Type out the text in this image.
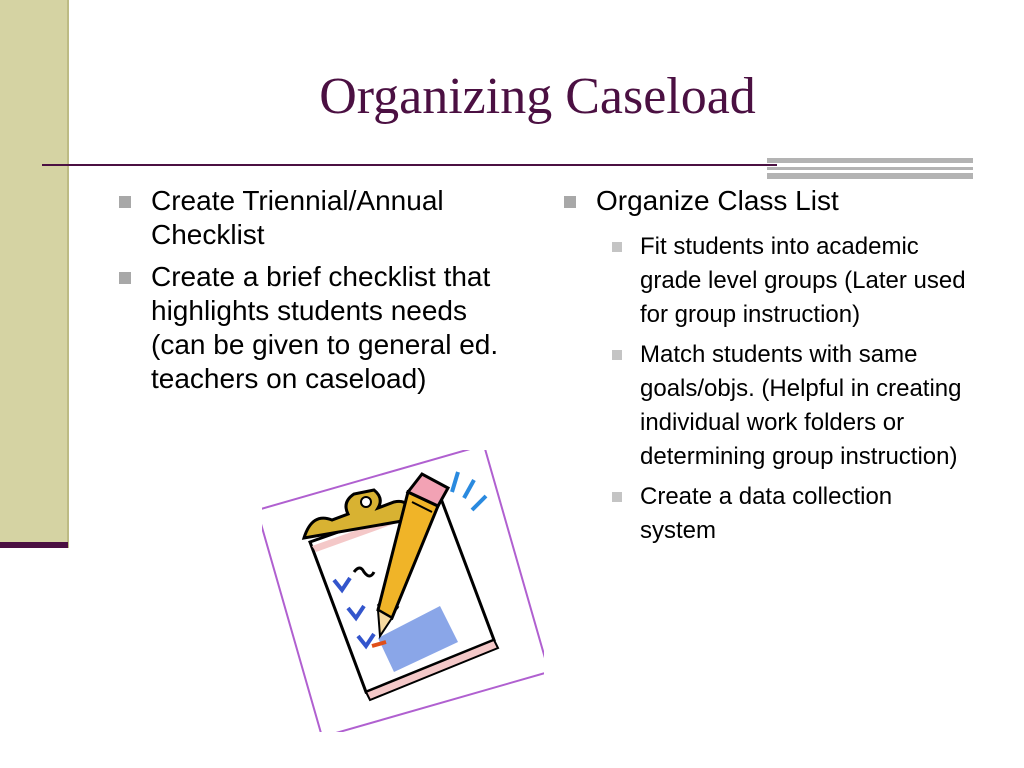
Organizing Caseload
Create Triennial/Annual Checklist
Create a brief checklist that highlights students needs (can be given to general ed. teachers on caseload)
Organize Class List
Fit students into academic grade level groups (Later used for group instruction)
Match students with same goals/objs. (Helpful in creating individual work folders or determining group instruction)
Create a data collection system
